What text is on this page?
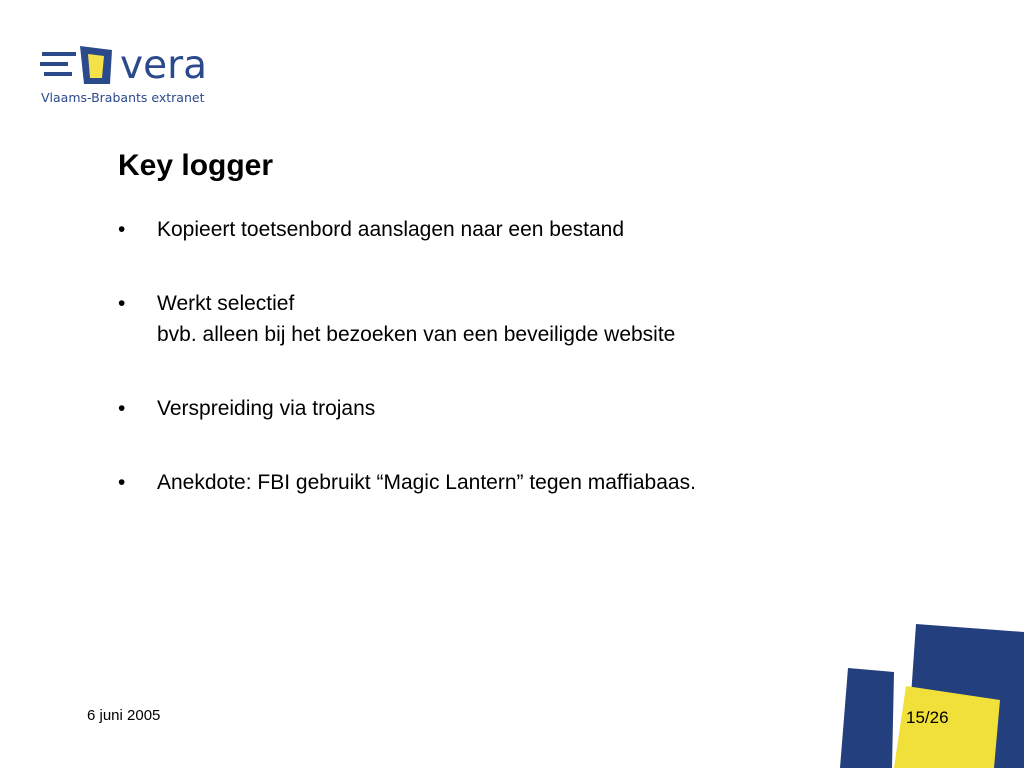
vera
Vlaams-Brabants extranet
Key logger
• Kopieert toetsenbord aanslagen naar een bestand
• Werkt selectief
bvb. alleen bij het bezoeken van een beveiligde website
• Verspreiding via trojans
• Anekdote: FBI gebruikt “Magic Lantern” tegen maffiabaas.
6 juni 2005	15/26
